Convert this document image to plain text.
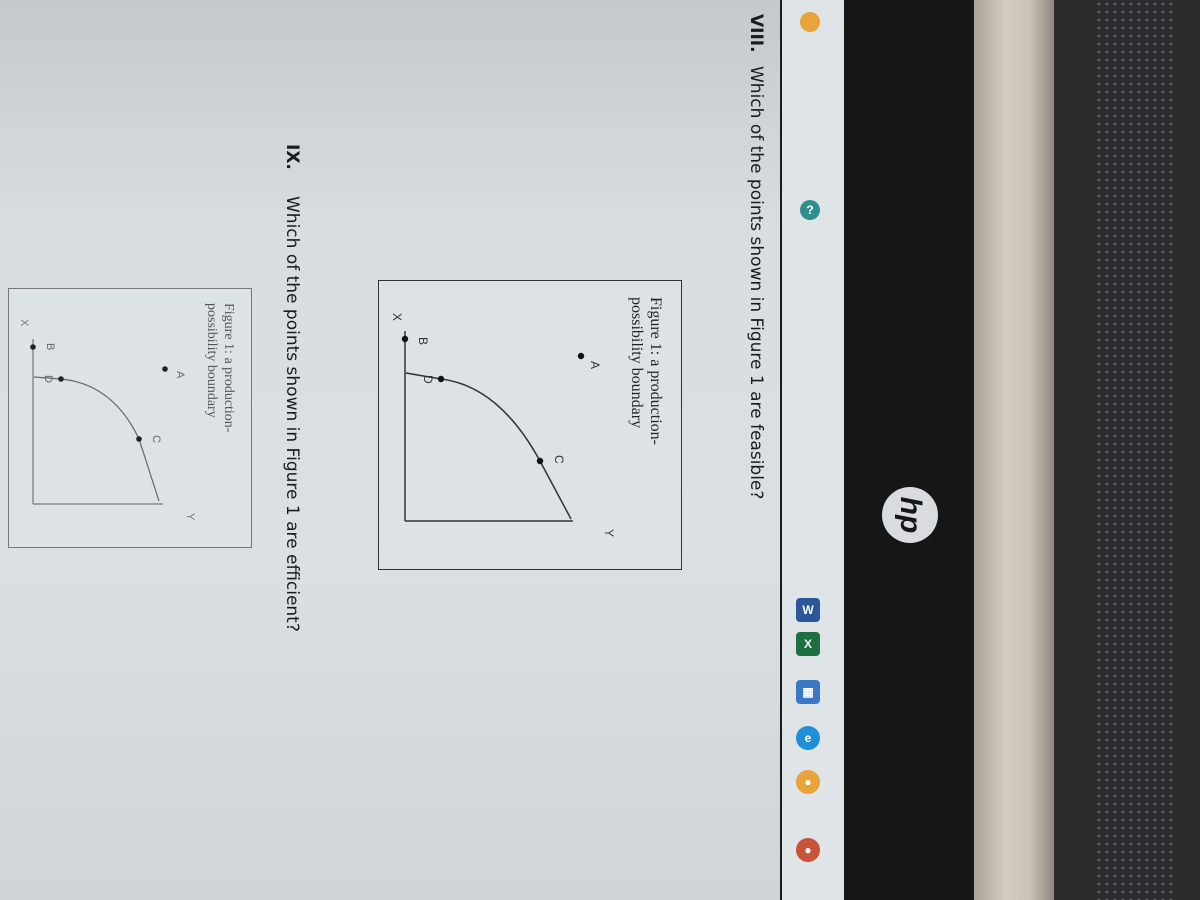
VIII.Which of the points shown in Figure 1 are feasible?
Figure 1: a production-
possibility boundary
Y
X
C
D
A
B
IX.Which of the points shown in Figure 1 are efficient?
Figure 1: a production-
possibility boundary
Y
X
C
D
A
B
▦
e
X
W
●
●
?
hp
